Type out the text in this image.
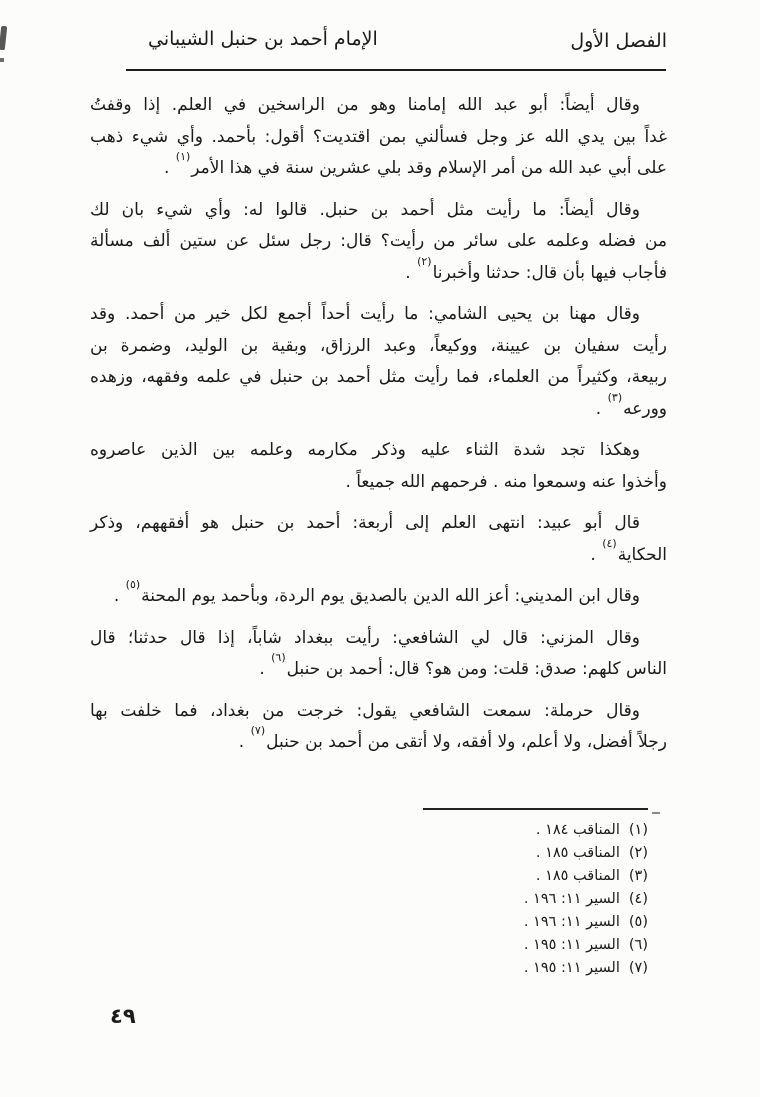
الفصل الأول
الإمام أحمد بن حنبل الشيباني
وقال أيضاً: أبو عبد الله إمامنا وهو من الراسخين في العلم. إذا وقفتُ
غداً بين يدي الله عز وجل فسألني بمن اقتديت؟ أقول: بأحمد. وأي شيء ذهب
على أبي عبد الله من أمر الإسلام وقد بلي عشرين سنة في هذا الأمر$^{(١)}$ .
وقال أيضاً: ما رأيت مثل أحمد بن حنبل. قالوا له: وأي شيء بان لك
من فضله وعلمه على سائر من رأيت؟ قال: رجل سئل عن ستين ألف مسألة
فأجاب فيها بأن قال: حدثنا وأخبرنا$^{(٢)}$ .
وقال مهنا بن يحيى الشامي: ما رأيت أحداً أجمع لكل خير من أحمد. وقد
رأيت سفيان بن عيينة، ووكيعاً، وعبد الرزاق، وبقية بن الوليد، وضمرة بن
ربيعة، وكثيراً من العلماء، فما رأيت مثل أحمد بن حنبل في علمه وفقهه، وزهده
وورعه$^{(٣)}$ .
وهكذا تجد شدة الثناء عليه وذكر مكارمه وعلمه بين الذين عاصروه
وأخذوا عنه وسمعوا منه . فرحمهم الله جميعاً .
قال أبو عبيد: انتهى العلم إلى أربعة: أحمد بن حنبل هو أفقههم، وذكر
الحكاية$^{(٤)}$ .
وقال ابن المديني: أعز الله الدين بالصديق يوم الردة، وبأحمد يوم المحنة$^{(٥)}$ .
وقال المزني: قال لي الشافعي: رأيت ببغداد شاباً، إذا قال حدثنا؛ قال
الناس كلهم: صدق: قلت: ومن هو؟ قال: أحمد بن حنبل$^{(٦)}$ .
وقال حرملة: سمعت الشافعي يقول: خرجت من بغداد، فما خلفت بها
رجلاً أفضل، ولا أعلم، ولا أفقه، ولا أتقى من أحمد بن حنبل$^{(٧)}$ .
(١)المناقب ١٨٤ .
(٢)المناقب ١٨٥ .
(٣)المناقب ١٨٥ .
(٤)السير ١١: ١٩٦ .
(٥)السير ١١: ١٩٦ .
(٦)السير ١١: ١٩٥ .
(٧)السير ١١: ١٩٥ .
٤٩
